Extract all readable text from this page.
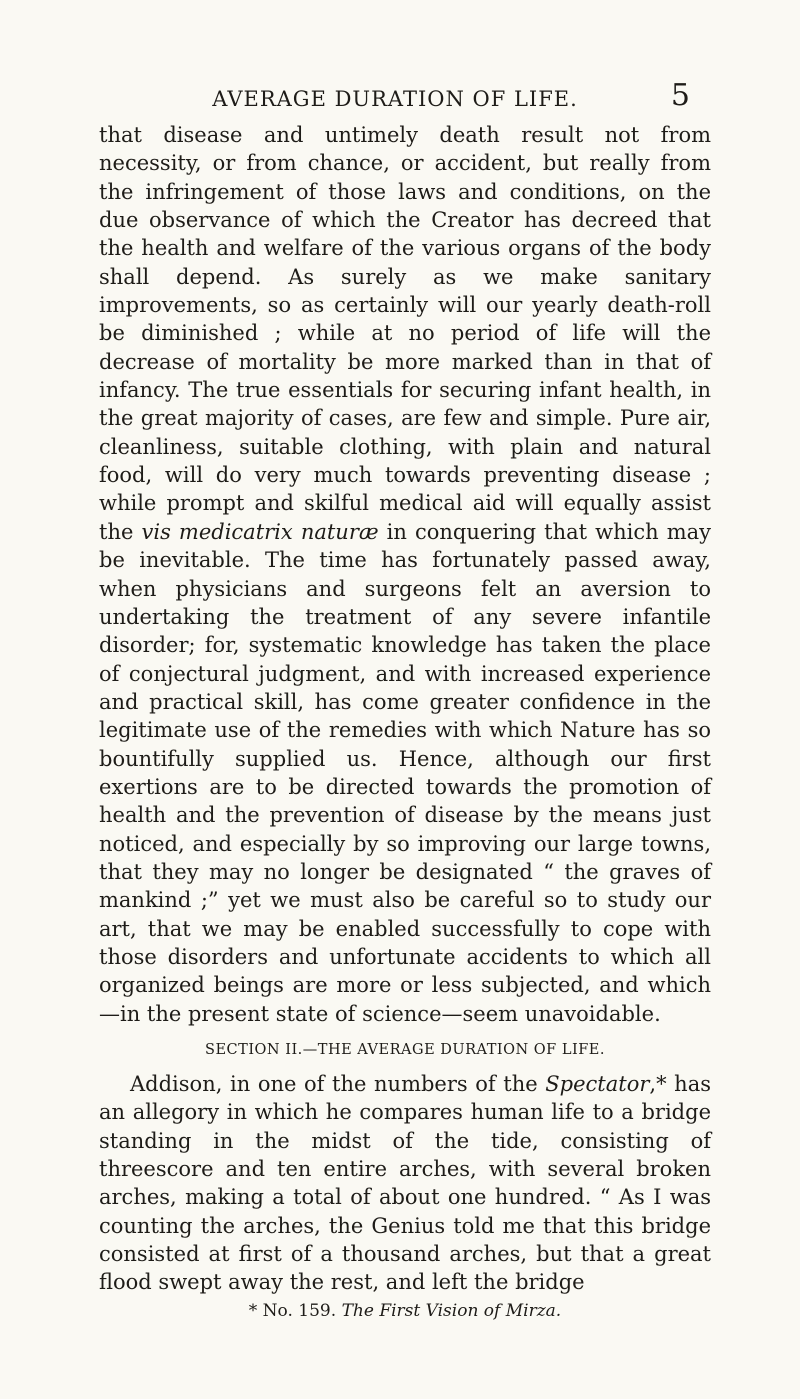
AVERAGE DURATION OF LIFE.	5

that disease and untimely death result not from necessity, or from chance, or accident, but really from the infringement of those laws and conditions, on the due observance of which the Creator has decreed that the health and welfare of the various organs of the body shall depend. As surely as we make sanitary improvements, so as certainly will our yearly death-roll be diminished ; while at no period of life will the decrease of mortality be more marked than in that of infancy. The true essentials for securing infant health, in the great majority of cases, are few and simple. Pure air, cleanliness, suitable clothing, with plain and natural food, will do very much towards preventing disease ; while prompt and skilful medical aid will equally assist the vis medicatrix naturæ in conquering that which may be inevitable. The time has fortunately passed away, when physicians and surgeons felt an aversion to undertaking the treatment of any severe infantile disorder; for, systematic knowledge has taken the place of conjectural judgment, and with increased experience and practical skill, has come greater confidence in the legitimate use of the remedies with which Nature has so bountifully supplied us. Hence, although our first exertions are to be directed towards the promotion of health and the prevention of disease by the means just noticed, and especially by so improving our large towns, that they may no longer be designated “ the graves of mankind ;” yet we must also be careful so to study our art, that we may be enabled successfully to cope with those disorders and unfortunate accidents to which all organized beings are more or less subjected, and which—in the present state of science—seem unavoidable.

SECTION II.—THE AVERAGE DURATION OF LIFE.

Addison, in one of the numbers of the Spectator,* has an allegory in which he compares human life to a bridge standing in the midst of the tide, consisting of threescore and ten entire arches, with several broken arches, making a total of about one hundred. “ As I was counting the arches, the Genius told me that this bridge consisted at first of a thousand arches, but that a great flood swept away the rest, and left the bridge

* No. 159. The First Vision of Mirza.
